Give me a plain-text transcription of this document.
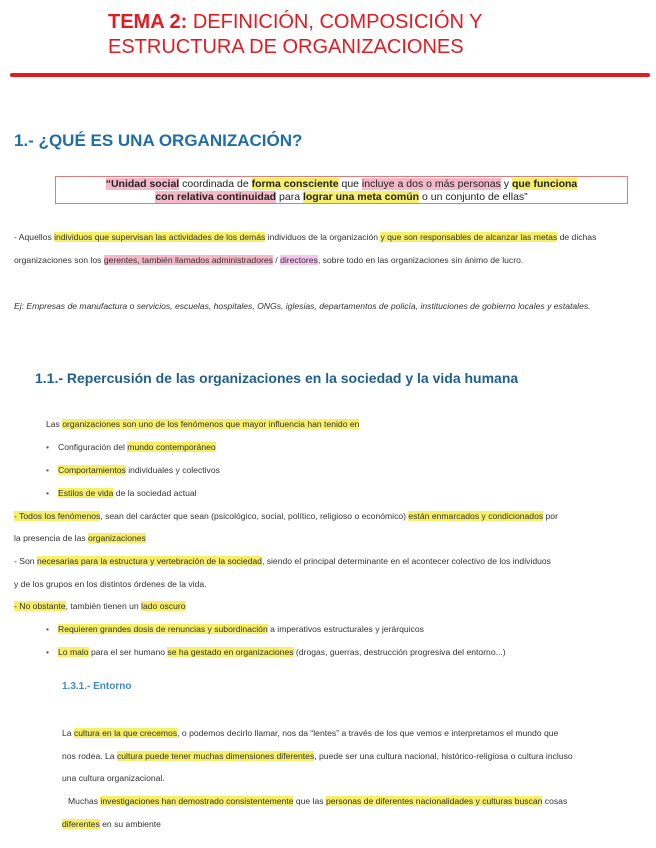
TEMA 2: DEFINICIÓN, COMPOSICIÓN Y
ESTRUCTURA DE ORGANIZACIONES
1.- ¿QUÉ ES UNA ORGANIZACIÓN?
“Unidad social coordinada de forma consciente que incluye a dos o más personas y que funciona
con relativa continuidad para lograr una meta común o un conjunto de ellas”
- Aquellos individuos que supervisan las actividades de los demás individuos de la organización y que son responsables de alcanzar las metas de dichas organizaciones son los gerentes, también llamados administradores / directores, sobre todo en las organizaciones sin ánimo de lucro.
Ej: Empresas de manufactura o servicios, escuelas, hospitales, ONGs, iglesias, departamentos de policía, instituciones de gobierno locales y estatales.
1.1.- Repercusión de las organizaciones en la sociedad y la vida humana
Las organizaciones son uno de los fenómenos que mayor influencia han tenido en
• Configuración del mundo contemporáneo
• Comportamientos individuales y colectivos
• Estilos de vida de la sociedad actual
- Todos los fenómenos, sean del carácter que sean (psicológico, social, político, religioso o económico) están enmarcados y condicionados por
la presencia de las organizaciones
- Son necesarias para la estructura y vertebración de la sociedad, siendo el principal determinante en el acontecer colectivo de los individuos
y de los grupos en los distintos órdenes de la vida.
- No obstante, también tienen un lado oscuro
• Requieren grandes dosis de renuncias y subordinación a imperativos estructurales y jerárquicos
• Lo malo para el ser humano se ha gestado en organizaciones (drogas, guerras, destrucción progresiva del entorno...)
1.3.1.- Entorno
La cultura en la que crecemos, o podemos decirlo llamar, nos da “lentes” a través de los que vemos e interpretamos el mundo que
nos rodea. La cultura puede tener muchas dimensiones diferentes, puede ser una cultura nacional, histórico-religiosa o cultura incluso
una cultura organizacional.
Muchas investigaciones han demostrado consistentemente que las personas de diferentes nacionalidades y culturas buscan cosas
diferentes en su ambiente
